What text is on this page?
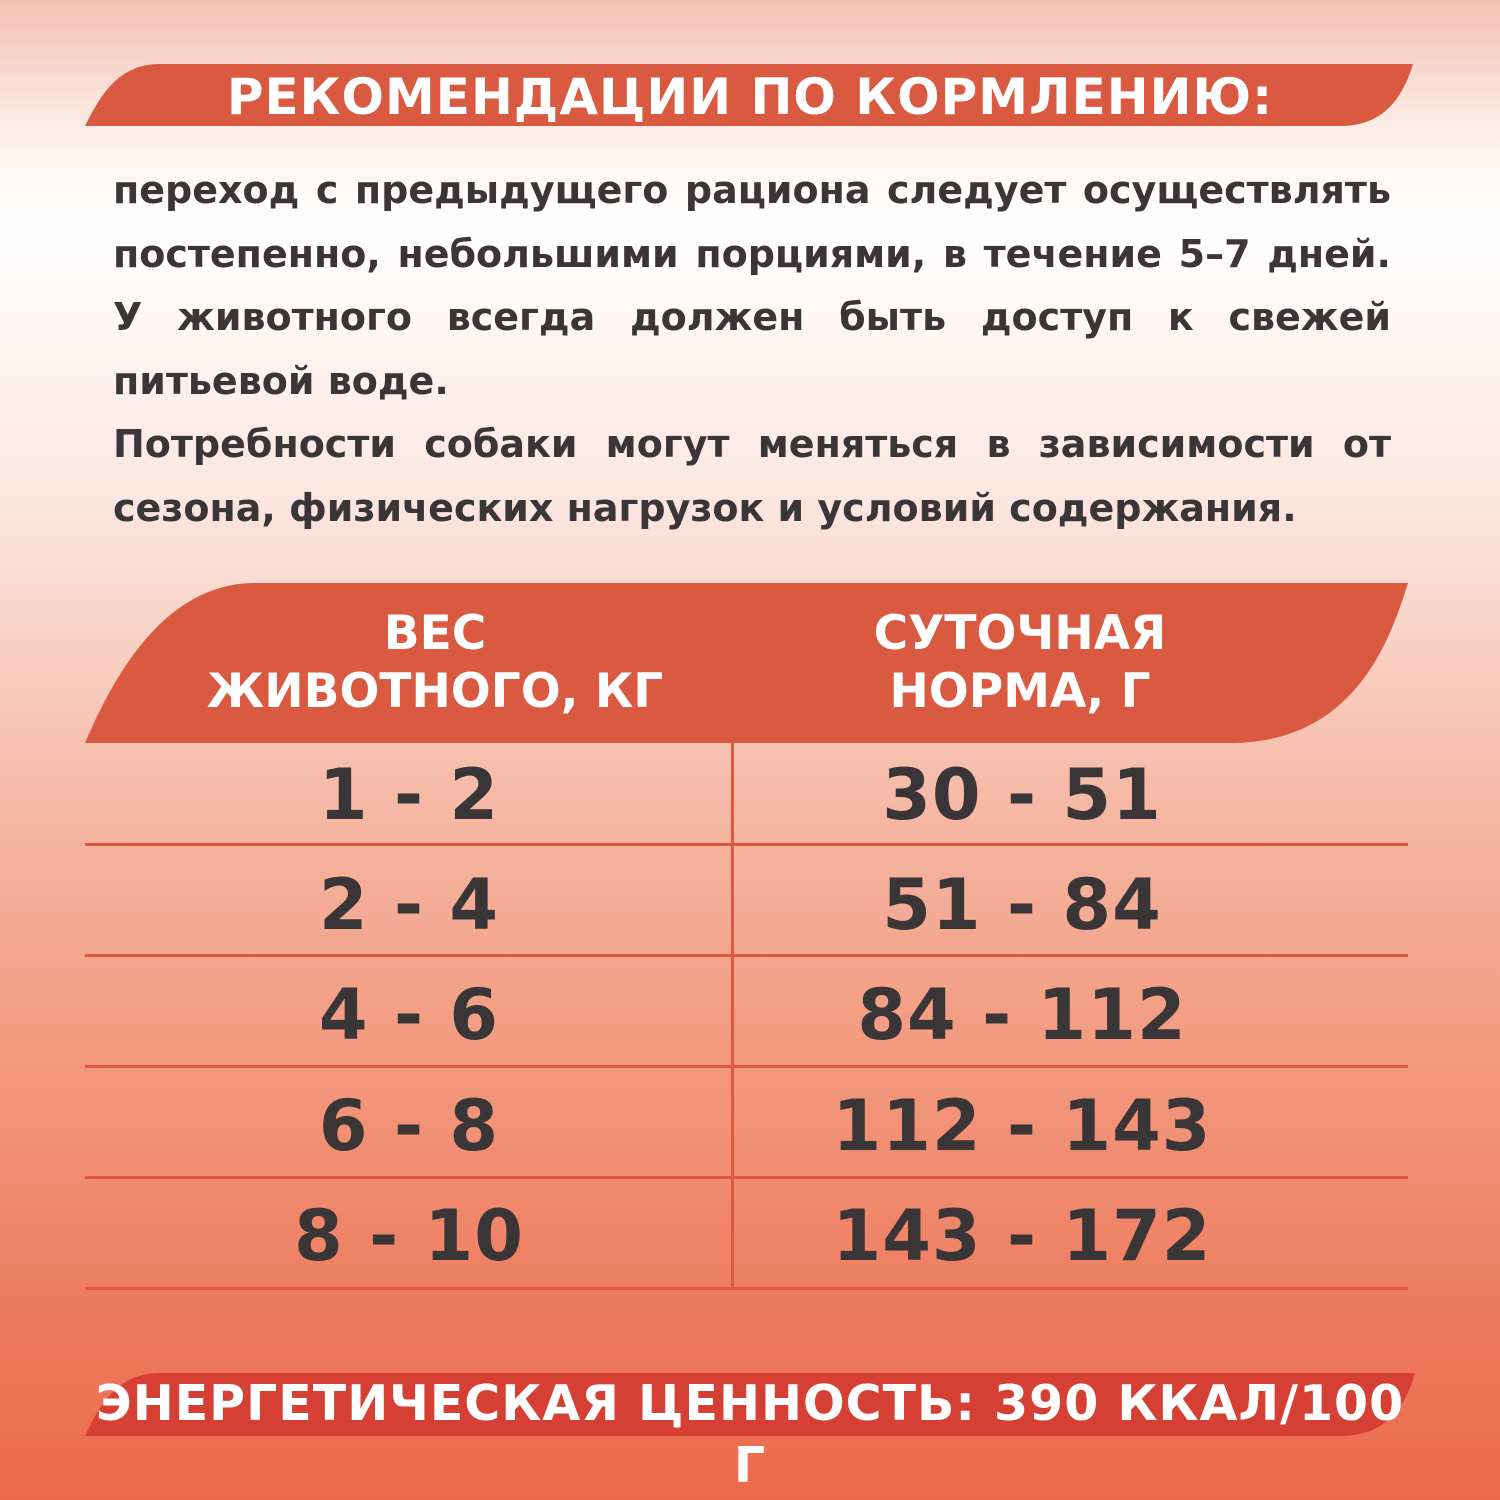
РЕКОМЕНДАЦИИ ПО КОРМЛЕНИЮ:

переход с предыдущего рациона следует осуществлять постепенно, небольшими порциями, в течение 5–7 дней. У животного всегда должен быть доступ к свежей питьевой воде.

Потребности собаки могут меняться в зависимости от сезона, физических нагрузок и условий содержания.

ВЕС
ЖИВОТНОГО, КГ
СУТОЧНАЯ
НОРМА, Г
1 - 2	30 - 51
2 - 4	51 - 84
4 - 6	84 - 112
6 - 8	112 - 143
8 - 10	143 - 172
ЭНЕРГЕТИЧЕСКАЯ ЦЕННОСТЬ: 390 ККАЛ/100 Г
